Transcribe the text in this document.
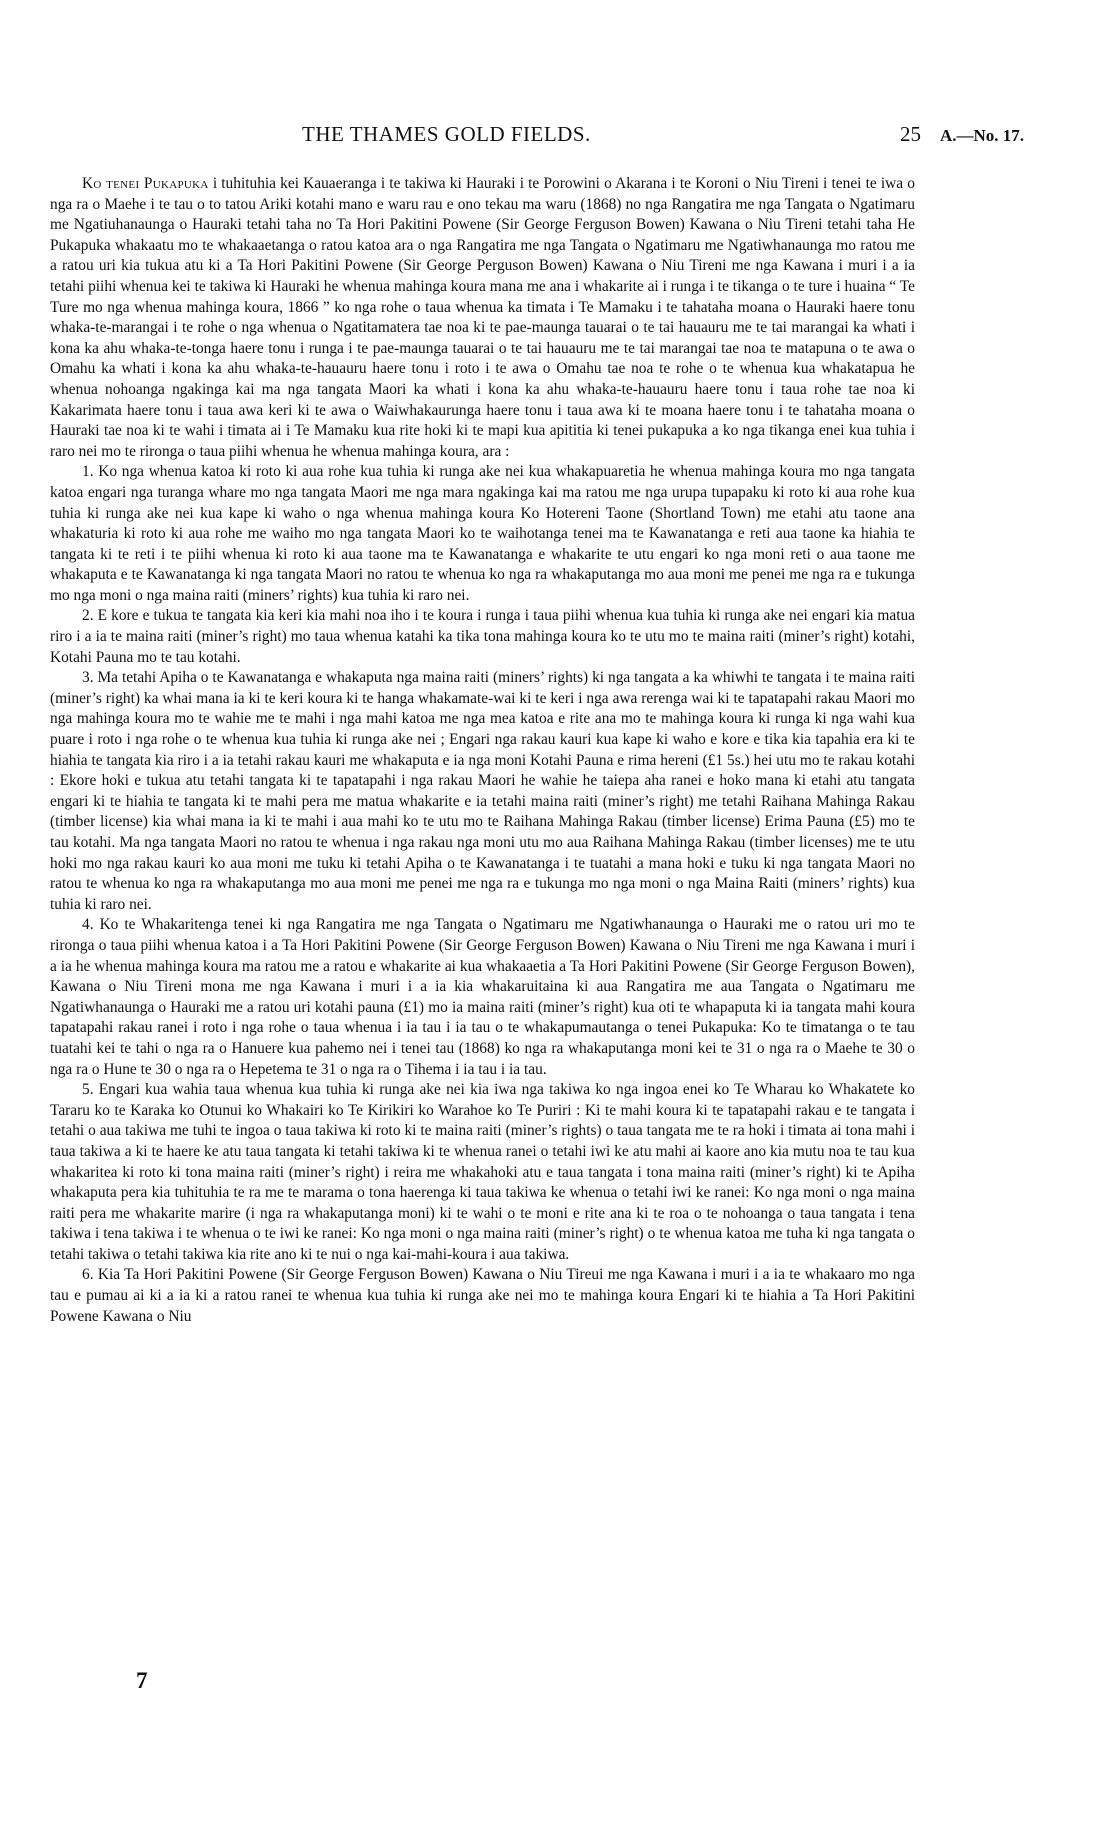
THE THAMES GOLD FIELDS.	25 A.—No. 17.

Ko tenei Pukapuka i tuhituhia kei Kauaeranga i te takiwa ki Hauraki i te Porowini o Akarana i te Koroni o Niu Tireni i tenei te iwa o nga ra o Maehe i te tau o to tatou Ariki kotahi mano e waru rau e ono tekau ma waru (1868) no nga Rangatira me nga Tangata o Ngatimaru me Ngatiuhanaunga o Hauraki tetahi taha no Ta Hori Pakitini Powene (Sir George Ferguson Bowen) Kawana o Niu Tireni tetahi taha He Pukapuka whakaatu mo te whakaaetanga o ratou katoa ara o nga Rangatira me nga Tangata o Ngatimaru me Ngatiwhanaunga mo ratou me a ratou uri kia tukua atu ki a Ta Hori Pakitini Powene (Sir George Perguson Bowen) Kawana o Niu Tireni me nga Kawana i muri i a ia tetahi piihi whenua kei te takiwa ki Hauraki he whenua mahinga koura mana me ana i whakarite ai i runga i te tikanga o te ture i huaina “ Te Ture mo nga whenua mahinga koura, 1866 ” ko nga rohe o taua whenua ka timata i Te Mamaku i te tahataha moana o Hauraki haere tonu whaka-te-marangai i te rohe o nga whenua o Ngatitamatera tae noa ki te pae-maunga tauarai o te tai hauauru me te tai marangai ka whati i kona ka ahu whaka-te-tonga haere tonu i runga i te pae-maunga tauarai o te tai hauauru me te tai marangai tae noa te matapuna o te awa o Omahu ka whati i kona ka ahu whaka-te-hauauru haere tonu i roto i te awa o Omahu tae noa te rohe o te whenua kua whakatapua he whenua nohoanga ngakinga kai ma nga tangata Maori ka whati i kona ka ahu whaka-te-hauauru haere tonu i taua rohe tae noa ki Kakarimata haere tonu i taua awa keri ki te awa o Waiwhakaurunga haere tonu i taua awa ki te moana haere tonu i te tahataha moana o Hauraki tae noa ki te wahi i timata ai i Te Mamaku kua rite hoki ki te mapi kua apititia ki tenei pukapuka a ko nga tikanga enei kua tuhia i raro nei mo te rironga o taua piihi whenua he whenua mahinga koura, ara :

1. Ko nga whenua katoa ki roto ki aua rohe kua tuhia ki runga ake nei kua whakapuaretia he whenua mahinga koura mo nga tangata katoa engari nga turanga whare mo nga tangata Maori me nga mara ngakinga kai ma ratou me nga urupa tupapaku ki roto ki aua rohe kua tuhia ki runga ake nei kua kape ki waho o nga whenua mahinga koura Ko Hotereni Taone (Shortland Town) me etahi atu taone ana whakaturia ki roto ki aua rohe me waiho mo nga tangata Maori ko te waihotanga tenei ma te Kawanatanga e reti aua taone ka hiahia te tangata ki te reti i te piihi whenua ki roto ki aua taone ma te Kawanatanga e whakarite te utu engari ko nga moni reti o aua taone me whakaputa e te Kawanatanga ki nga tangata Maori no ratou te whenua ko nga ra whakaputanga mo aua moni me penei me nga ra e tukunga mo nga moni o nga maina raiti (miners’ rights) kua tuhia ki raro nei.

2. E kore e tukua te tangata kia keri kia mahi noa iho i te koura i runga i taua piihi whenua kua tuhia ki runga ake nei engari kia matua riro i a ia te maina raiti (miner’s right) mo taua whenua katahi ka tika tona mahinga koura ko te utu mo te maina raiti (miner’s right) kotahi, Kotahi Pauna mo te tau kotahi.

3. Ma tetahi Apiha o te Kawanatanga e whakaputa nga maina raiti (miners’ rights) ki nga tangata a ka whiwhi te tangata i te maina raiti (miner’s right) ka whai mana ia ki te keri koura ki te hanga whakamate-wai ki te keri i nga awa rerenga wai ki te tapatapahi rakau Maori mo nga mahinga koura mo te wahie me te mahi i nga mahi katoa me nga mea katoa e rite ana mo te mahinga koura ki runga ki nga wahi kua puare i roto i nga rohe o te whenua kua tuhia ki runga ake nei ; Engari nga rakau kauri kua kape ki waho e kore e tika kia tapahia era ki te hiahia te tangata kia riro i a ia tetahi rakau kauri me whakaputa e ia nga moni Kotahi Pauna e rima hereni (£1 5s.) hei utu mo te rakau kotahi : Ekore hoki e tukua atu tetahi tangata ki te tapatapahi i nga rakau Maori he wahie he taiepa aha ranei e hoko mana ki etahi atu tangata engari ki te hiahia te tangata ki te mahi pera me matua whakarite e ia tetahi maina raiti (miner’s right) me tetahi Raihana Mahinga Rakau (timber license) kia whai mana ia ki te mahi i aua mahi ko te utu mo te Raihana Mahinga Rakau (timber license) Erima Pauna (£5) mo te tau kotahi. Ma nga tangata Maori no ratou te whenua i nga rakau nga moni utu mo aua Raihana Mahinga Rakau (timber licenses) me te utu hoki mo nga rakau kauri ko aua moni me tuku ki tetahi Apiha o te Kawanatanga i te tuatahi a mana hoki e tuku ki nga tangata Maori no ratou te whenua ko nga ra whakaputanga mo aua moni me penei me nga ra e tukunga mo nga moni o nga Maina Raiti (miners’ rights) kua tuhia ki raro nei.

4. Ko te Whakaritenga tenei ki nga Rangatira me nga Tangata o Ngatimaru me Ngatiwhanaunga o Hauraki me o ratou uri mo te rironga o taua piihi whenua katoa i a Ta Hori Pakitini Powene (Sir George Ferguson Bowen) Kawana o Niu Tireni me nga Kawana i muri i a ia he whenua mahinga koura ma ratou me a ratou e whakarite ai kua whakaaetia a Ta Hori Pakitini Powene (Sir George Ferguson Bowen), Kawana o Niu Tireni mona me nga Kawana i muri i a ia kia whakaruitaina ki aua Rangatira me aua Tangata o Ngatimaru me Ngatiwhanaunga o Hauraki me a ratou uri kotahi pauna (£1) mo ia maina raiti (miner’s right) kua oti te whapaputa ki ia tangata mahi koura tapatapahi rakau ranei i roto i nga rohe o taua whenua i ia tau i ia tau o te whakapumautanga o tenei Pukapuka: Ko te timatanga o te tau tuatahi kei te tahi o nga ra o Hanuere kua pahemo nei i tenei tau (1868) ko nga ra whakaputanga moni kei te 31 o nga ra o Maehe te 30 o nga ra o Hune te 30 o nga ra o Hepetema te 31 o nga ra o Tihema i ia tau i ia tau.

5. Engari kua wahia taua whenua kua tuhia ki runga ake nei kia iwa nga takiwa ko nga ingoa enei ko Te Wharau ko Whakatete ko Tararu ko te Karaka ko Otunui ko Whakairi ko Te Kirikiri ko Warahoe ko Te Puriri : Ki te mahi koura ki te tapatapahi rakau e te tangata i tetahi o aua takiwa me tuhi te ingoa o taua takiwa ki roto ki te maina raiti (miner’s rights) o taua tangata me te ra hoki i timata ai tona mahi i taua takiwa a ki te haere ke atu taua tangata ki tetahi takiwa ki te whenua ranei o tetahi iwi ke atu mahi ai kaore ano kia mutu noa te tau kua whakaritea ki roto ki tona maina raiti (miner’s right) i reira me whakahoki atu e taua tangata i tona maina raiti (miner’s right) ki te Apiha whakaputa pera kia tuhituhia te ra me te marama o tona haerenga ki taua takiwa ke whenua o tetahi iwi ke ranei: Ko nga moni o nga maina raiti pera me whakarite marire (i nga ra whakaputanga moni) ki te wahi o te moni e rite ana ki te roa o te nohoanga o taua tangata i tena takiwa i tena takiwa i te whenua o te iwi ke ranei: Ko nga moni o nga maina raiti (miner’s right) o te whenua katoa me tuha ki nga tangata o tetahi takiwa o tetahi takiwa kia rite ano ki te nui o nga kai-mahi-koura i aua takiwa.

6. Kia Ta Hori Pakitini Powene (Sir George Ferguson Bowen) Kawana o Niu Tireui me nga Kawana i muri i a ia te whakaaro mo nga tau e pumau ai ki a ia ki a ratou ranei te whenua kua tuhia ki runga ake nei mo te mahinga koura Engari ki te hiahia a Ta Hori Pakitini Powene Kawana o Niu

7
